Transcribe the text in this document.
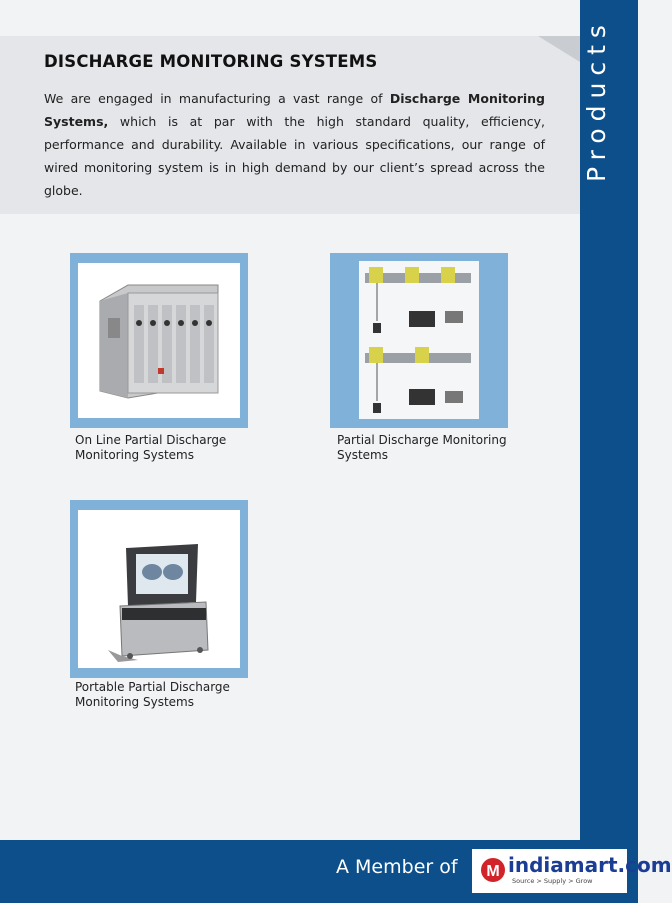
DISCHARGE MONITORING SYSTEMS

We are engaged in manufacturing a vast range of Discharge Monitoring Systems, which is at par with the high standard quality, efficiency, performance and durability. Available in various specifications, our range of wired monitoring system is in high demand by our client’s spread across the globe.

Products
On Line Partial Discharge Monitoring Systems
Partial Discharge Monitoring Systems
Portable Partial Discharge Monitoring Systems
A Member of M indiamart.com
Source > Supply > Grow
